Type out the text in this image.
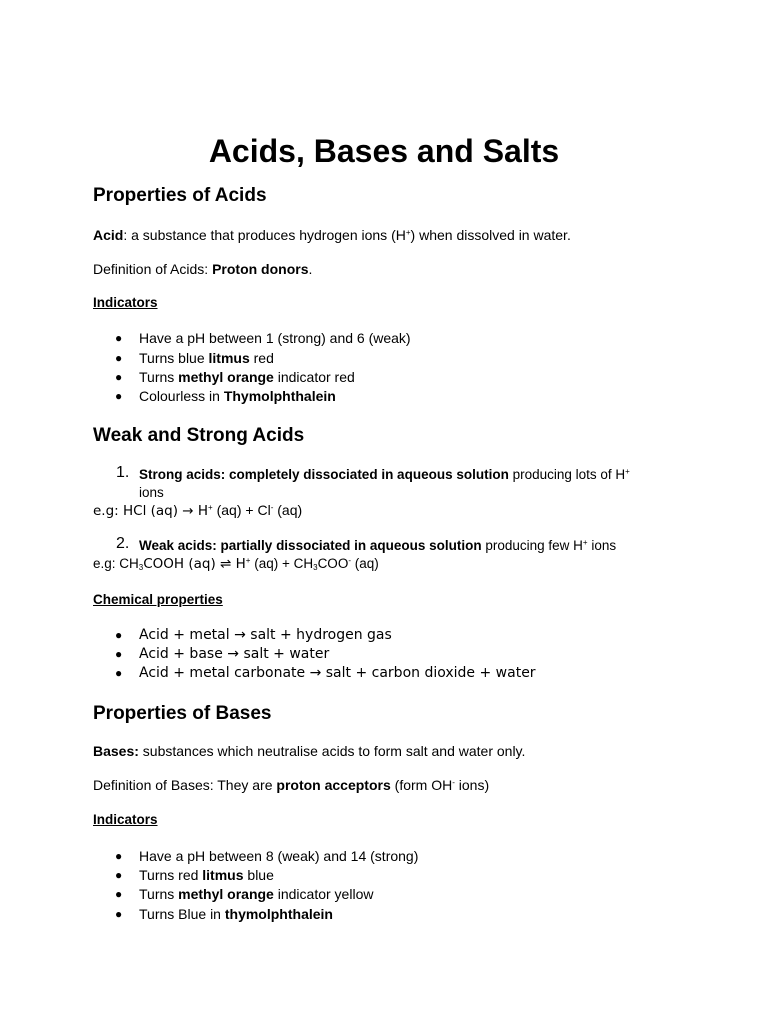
Acids, Bases and Salts
Properties of Acids
Acid: a substance that produces hydrogen ions (H+) when dissolved in water.
Definition of Acids: Proton donors.
Indicators
● Have a pH between 1 (strong) and 6 (weak)
● Turns blue litmus red
● Turns methyl orange indicator red
● Colourless in Thymolphthalein
Weak and Strong Acids
1. Strong acids: completely dissociated in aqueous solution producing lots of H+
ions
e.g: HCl (aq) → H+ (aq) + Cl- (aq)
2. Weak acids: partially dissociated in aqueous solution producing few H+ ions
e.g: $CH_3COOH$ (aq) ⇌ H+ $(aq) + CH_3COO^-$ (aq)
Chemical properties
● Acid + metal → salt + hydrogen gas
● Acid + base → salt + water
● Acid + metal carbonate → salt + carbon dioxide + water
Properties of Bases
Bases: substances which neutralise acids to form salt and water only.
Definition of Bases: They are proton acceptors (form OH- ions)
Indicators
● Have a pH between 8 (weak) and 14 (strong)
● Turns red litmus blue
● Turns methyl orange indicator yellow
● Turns Blue in thymolphthalein
